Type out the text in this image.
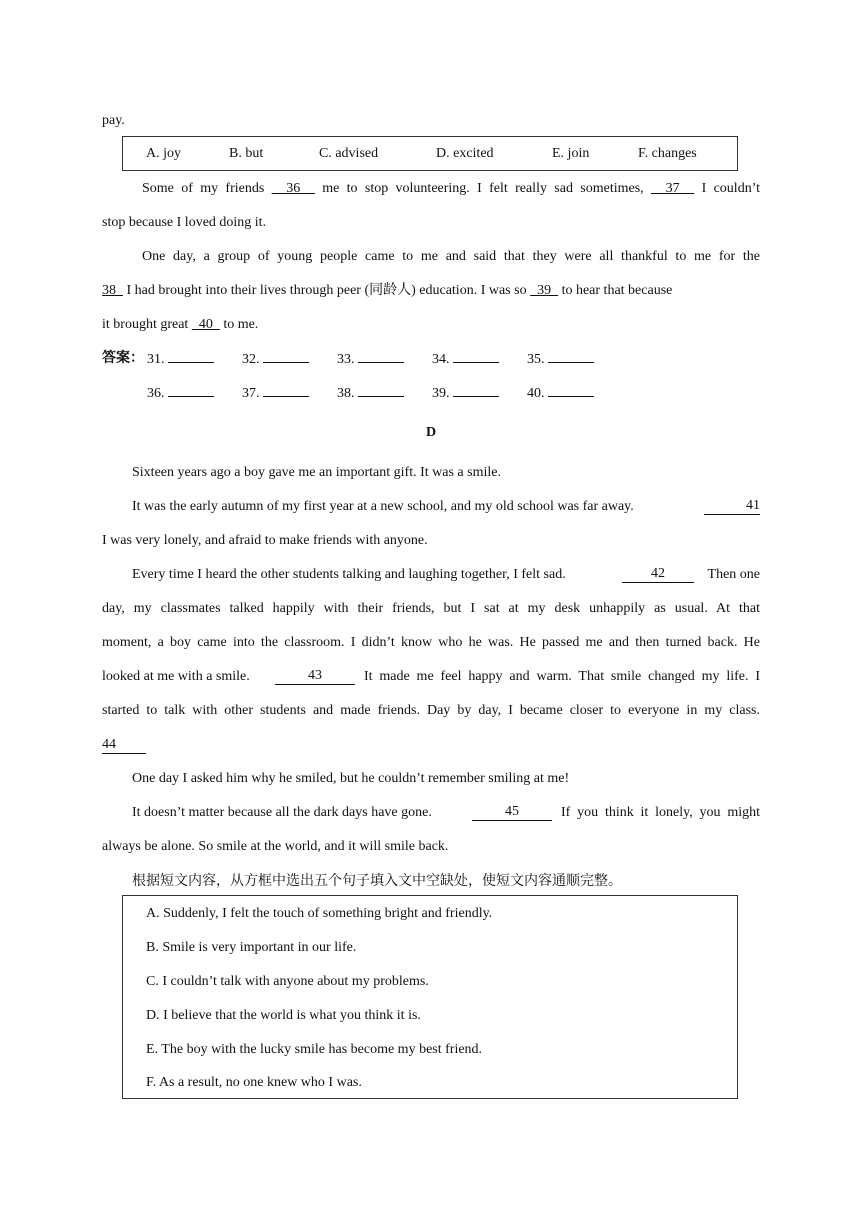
pay.
A. joy	B. but	C. advised	D. excited	E. join	F. changes
Some of my friends   36   me to stop volunteering. I felt really sad sometimes,   37   I couldn’t
stop because I loved doing it.
One day, a group of young people came to me and said that they were all thankful to me for the
38   I had brought into their lives through peer (同龄人) education. I was so   39   to hear that because
it brought great   40   to me.
答案： 31.	32.	33.	34.	35.
36.	37.	38.	39.	40.
D
Sixteen years ago a boy gave me an important gift. It was a smile.
It was the early autumn of my first year at a new school, and my old school was far away.	41
I was very lonely, and afraid to make friends with anyone.
Every time I heard the other students talking and laughing together, I felt sad.	42	Then one
day, my classmates talked happily with their friends, but I sat at my desk unhappily as usual. At that
moment, a boy came into the classroom. I didn’t know who he was. He passed me and then turned back. He
looked at me with a smile.	43	It made me feel happy and warm. That smile changed my life. I
started to talk with other students and made friends. Day by day, I became closer to everyone in my class.
44
One day I asked him why he smiled, but he couldn’t remember smiling at me!
It doesn’t matter because all the dark days have gone.	45	If you think it lonely, you might
always be alone. So smile at the world, and it will smile back.
根据短文内容，从方框中选出五个句子填入文中空缺处，使短文内容通顺完整。
A. Suddenly, I felt the touch of something bright and friendly.
B. Smile is very important in our life.
C. I couldn’t talk with anyone about my problems.
D. I believe that the world is what you think it is.
E. The boy with the lucky smile has become my best friend.
F. As a result, no one knew who I was.
